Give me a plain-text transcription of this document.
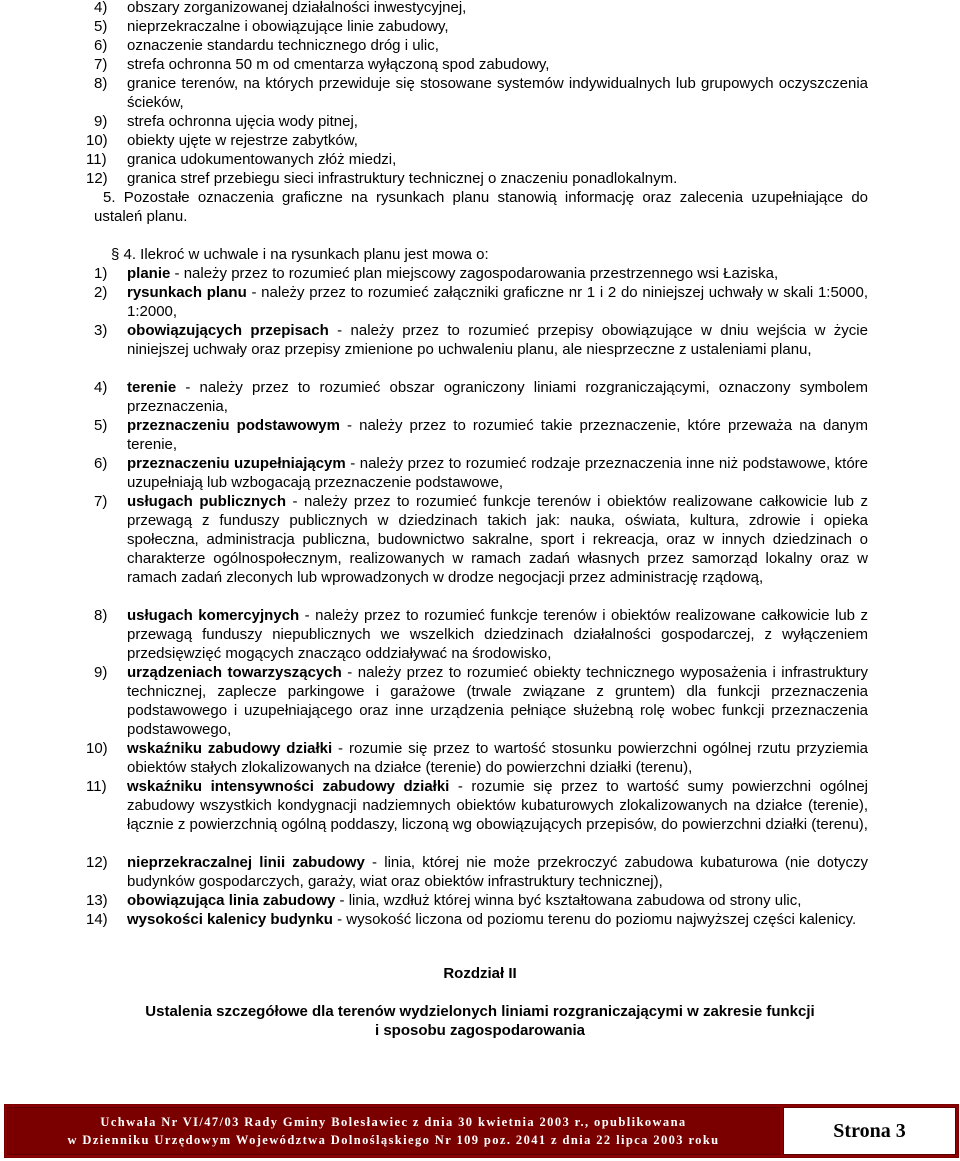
4) obszary zorganizowanej działalności inwestycyjnej,
5) nieprzekraczalne i obowiązujące linie zabudowy,
6) oznaczenie standardu technicznego dróg i ulic,
7) strefa ochronna 50 m od cmentarza wyłączoną spod zabudowy,
8) granice terenów, na których przewiduje się stosowane systemów indywidualnych lub grupowych oczyszczenia ścieków,
9) strefa ochronna ujęcia wody pitnej,
10) obiekty ujęte w rejestrze zabytków,
11) granica udokumentowanych złóż miedzi,
12) granica stref przebiegu sieci infrastruktury technicznej o znaczeniu ponadlokalnym.

5. Pozostałe oznaczenia graficzne na rysunkach planu stanowią informację oraz zalecenia uzupełniające do ustaleń planu.

§ 4. Ilekroć w uchwale i na rysunkach planu jest mowa o:

1) planie - należy przez to rozumieć plan miejscowy zagospodarowania przestrzennego wsi Łaziska,
2) rysunkach planu - należy przez to rozumieć załączniki graficzne nr 1 i 2 do niniejszej uchwały w skali 1:5000, 1:2000,
3) obowiązujących przepisach - należy przez to rozumieć przepisy obowiązujące w dniu wejścia w życie niniejszej uchwały oraz przepisy zmienione po uchwaleniu planu, ale niesprzeczne z ustaleniami planu,
4) terenie - należy przez to rozumieć obszar ograniczony liniami rozgraniczającymi, oznaczony symbolem przeznaczenia,
5) przeznaczeniu podstawowym - należy przez to rozumieć takie przeznaczenie, które przeważa na danym terenie,
6) przeznaczeniu uzupełniającym - należy przez to rozumieć rodzaje przeznaczenia inne niż podstawowe, które uzupełniają lub wzbogacają przeznaczenie podstawowe,
7) usługach publicznych - należy przez to rozumieć funkcje terenów i obiektów realizowane całkowicie lub z przewagą z funduszy publicznych w dziedzinach takich jak: nauka, oświata, kultura, zdrowie i opieka społeczna, administracja publiczna, budownictwo sakralne, sport i rekreacja, oraz w innych dziedzinach o charakterze ogólnospołecznym, realizowanych w ramach zadań własnych przez samorząd lokalny oraz w ramach zadań zleconych lub wprowadzonych w drodze negocjacji przez administrację rządową,
8) usługach komercyjnych - należy przez to rozumieć funkcje terenów i obiektów realizowane całkowicie lub z przewagą funduszy niepublicznych we wszelkich dziedzinach działalności gospodarczej, z wyłączeniem przedsięwzięć mogących znacząco oddziaływać na środowisko,
9) urządzeniach towarzyszących - należy przez to rozumieć obiekty technicznego wyposażenia i infrastruktury technicznej, zaplecze parkingowe i garażowe (trwale związane z gruntem) dla funkcji przeznaczenia podstawowego i uzupełniającego oraz inne urządzenia pełniące służebną rolę wobec funkcji przeznaczenia podstawowego,
10) wskaźniku zabudowy działki - rozumie się przez to wartość stosunku powierzchni ogólnej rzutu przyziemia obiektów stałych zlokalizowanych na działce (terenie) do powierzchni działki (terenu),
11) wskaźniku intensywności zabudowy działki - rozumie się przez to wartość sumy powierzchni ogólnej zabudowy wszystkich kondygnacji nadziemnych obiektów kubaturowych zlokalizowanych na działce (terenie), łącznie z powierzchnią ogólną poddaszy, liczoną wg obowiązujących przepisów, do powierzchni działki (terenu),
12) nieprzekraczalnej linii zabudowy - linia, której nie może przekroczyć zabudowa kubaturowa (nie dotyczy budynków gospodarczych, garaży, wiat oraz obiektów infrastruktury technicznej),
13) obowiązująca linia zabudowy - linia, wzdłuż której winna być kształtowana zabudowa od strony ulic,
14) wysokości kalenicy budynku - wysokość liczona od poziomu terenu do poziomu najwyższej części kalenicy.
Rozdział II
Ustalenia szczegółowe dla terenów wydzielonych liniami rozgraniczającymi w zakresie funkcji
i sposobu zagospodarowania
Uchwała Nr VI/47/03 Rady Gminy Bolesławiec z dnia 30 kwietnia 2003 r., opublikowana
w Dzienniku Urzędowym Województwa Dolnośląskiego Nr 109 poz. 2041 z dnia 22 lipca 2003 roku	Strona 3
